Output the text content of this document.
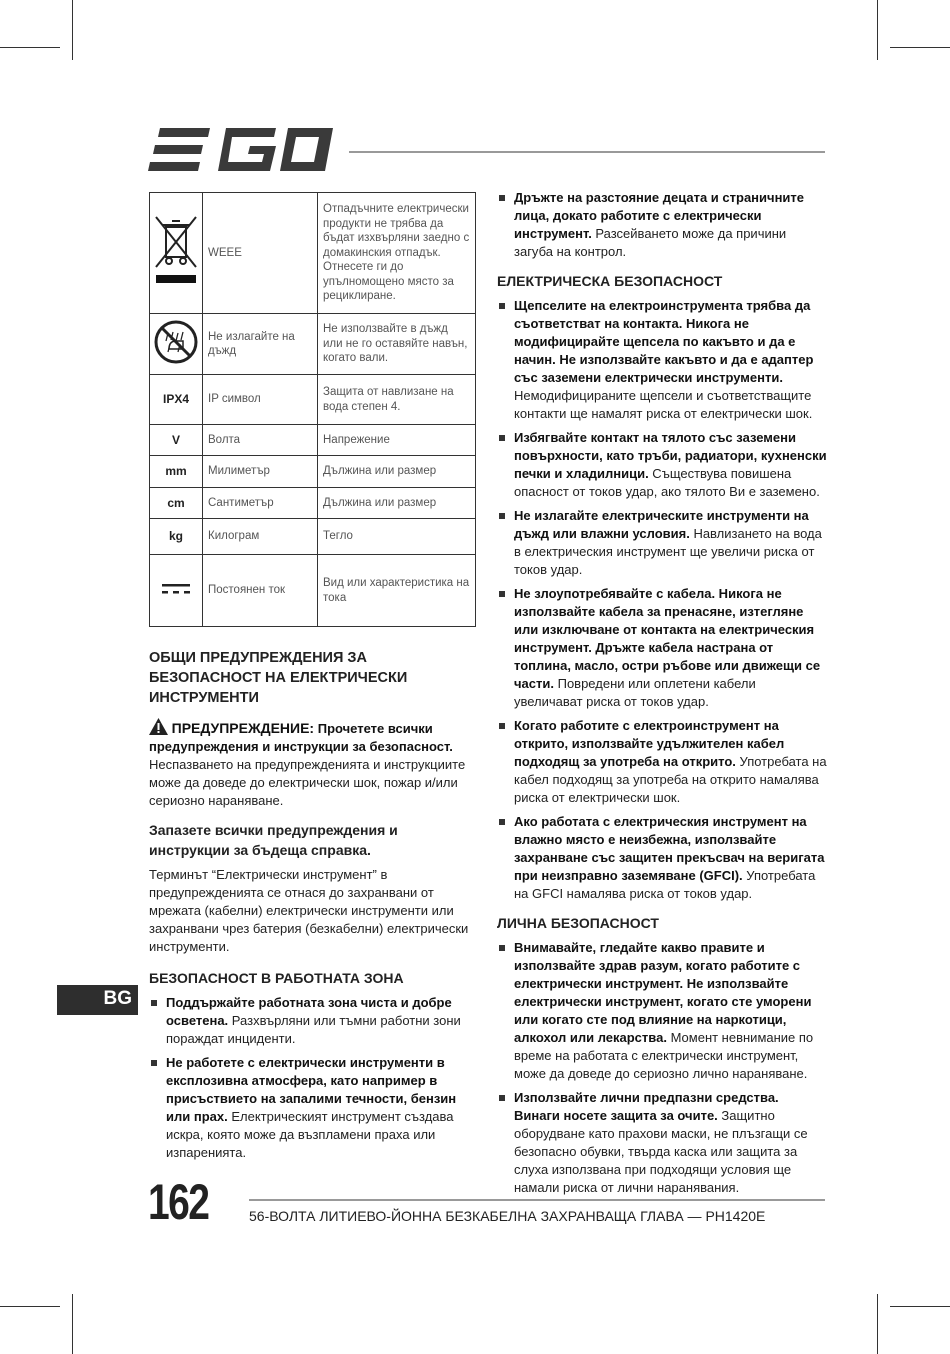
	WEEE	Отпадъчните електрически продукти не трябва да бъдат изхвърляни заедно с домакинския отпадък. Отнесете ги до упълномощено място за рециклиране.
	Не излагайте на дъжд	Не използвайте в дъжд или не го оставяйте навън, когато вали.
IPX4	IP символ	Защита от навлизане на вода степен 4.
V	Волта	Напрежение
mm	Милиметър	Дължина или размер
cm	Сантиметър	Дължина или размер
kg	Килограм	Тегло
	Постоянен ток	Вид или характеристика на тока
ОБЩИ ПРЕДУПРЕЖДЕНИЯ ЗА БЕЗОПАСНОСТ НА ЕЛЕКТРИЧЕСКИ ИНСТРУМЕНТИ

ПРЕДУПРЕЖДЕНИЕ: Прочетете всички предупреждения и инструкции за безопасност.

Неспазването на предупрежденията и инструкциите може да доведе до електрически шок, пожар и/или сериозно нараняване.

Запазете всички предупреждения и инструкции за бъдеща справка.

Терминът “Електрически инструмент” в предупрежденията се отнася до захранвани от мрежата (кабелни) електрически инструменти или захранвани чрез батерия (безкабелни) електрически инструменти.

БЕЗОПАСНОСТ В РАБОТНАТА ЗОНА
Поддържайте работната зона чиста и добре осветена. Разхвърляни или тъмни работни зони пораждат инциденти.
Не работете с електрически инструменти в експлозивна атмосфера, като например в присъствието на запалими течности, бензин или прах. Електрическият инструмент създава искра, която може да възпламени праха или изпаренията.
Дръжте на разстояние децата и страничните лица, докато работите с електрически инструмент. Разсейването може да причини загуба на контрол.
ЕЛЕКТРИЧЕСКА БЕЗОПАСНОСТ
Щепселите на електроинструмента трябва да съответстват на контакта. Никога не модифицирайте щепсела по какъвто и да е начин. Не използвайте какъвто и да е адаптер със заземени електрически инструменти. Немодифицираните щепсели и съответстващите контакти ще намалят риска от електрически шок.
Избягвайте контакт на тялото със заземени повърхности, като тръби, радиатори, кухненски печки и хладилници. Съществува повишена опасност от токов удар, ако тялото Ви е заземено.
Не излагайте електрическите инструменти на дъжд или влажни условия. Навлизането на вода в електрическия инструмент ще увеличи риска от токов удар.
Не злоупотребявайте с кабела. Никога не използвайте кабела за пренасяне, изтегляне или изключване от контакта на електрическия инструмент. Дръжте кабела настрана от топлина, масло, остри ръбове или движещи се части. Повредени или оплетени кабели увеличават риска от токов удар.
Когато работите с електроинструмент на открито, използвайте удължителен кабел подходящ за употреба на открито. Употребата на кабел подходящ за употреба на открито намалява риска от електрически шок.
Ако работата с електрическия инструмент на влажно място е неизбежна, използвайте захранване със защитен прекъсвач на веригата при неизправно заземяване (GFCI). Употребата на GFCI намалява риска от токов удар.
ЛИЧНА БЕЗОПАСНОСТ
Внимавайте, гледайте какво правите и използвайте здрав разум, когато работите с електрически инструмент. Не използвайте електрически инструмент, когато сте уморени или когато сте под влияние на наркотици, алкохол или лекарства. Момент невнимание по време на работата с електрически инструмент, може да доведе до сериозно лично нараняване.
Използвайте лични предпазни средства. Винаги носете защита за очите. Защитно оборудване като прахови маски, не плъзгащи се безопасно обувки, твърда каска или защита за слуха използвана при подходящи условия ще намали риска от лични наранявания.
BG
162	56-ВОЛТА ЛИТИЕВО-ЙОННА БЕЗКАБЕЛНА ЗАХРАНВАЩА ГЛАВА — PH1420E
